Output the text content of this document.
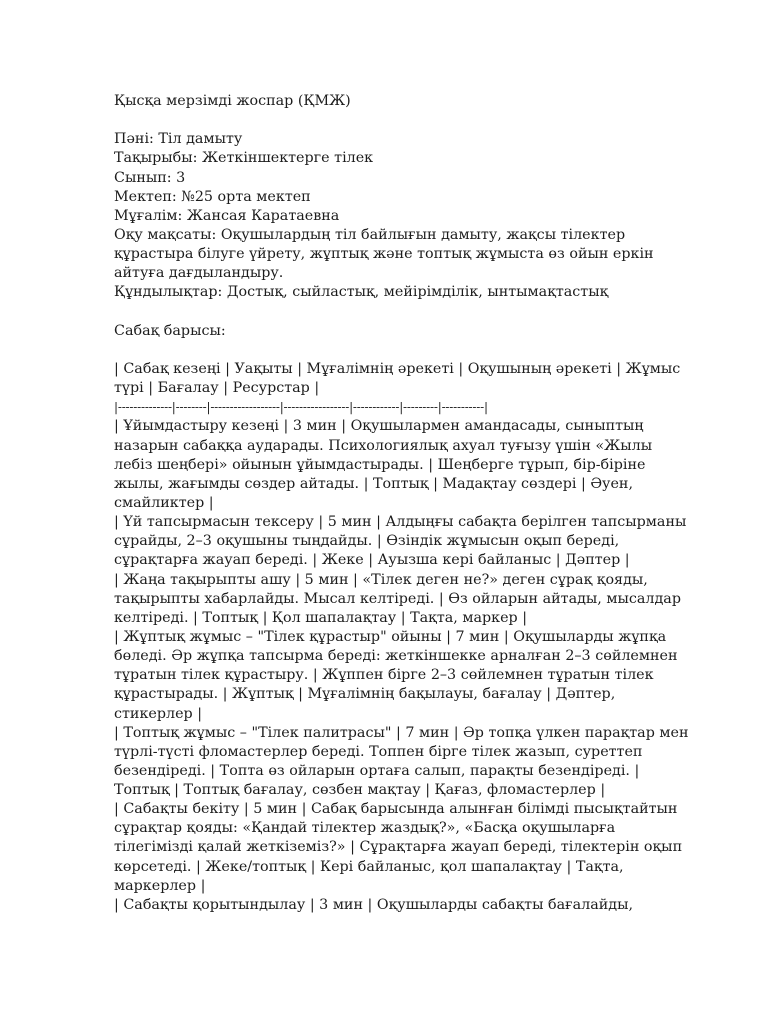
Қысқа мерзімді жоспар (ҚМЖ)
Пәні: Тіл дамыту
Тақырыбы: Жеткіншектерге тілек
Сынып: 3
Мектеп: №25 орта мектеп
Мұғалім: Жансая Каратаевна
Оқу мақсаты: Оқушылардың тіл байлығын дамыту, жақсы тілектер
құрастыра білуге үйрету, жұптық және топтық жұмыста өз ойын еркін
айтуға дағдыландыру.
Құндылықтар: Достық, сыйластық, мейірімділік, ынтымақтастық
Сабақ барысы:
| Сабақ кезеңі | Уақыты | Мұғалімнің әрекеті | Оқушының әрекеті | Жұмыс
түрі | Бағалау | Ресурстар |
|--------------|--------|------------------|-----------------|------------|---------|-----------|
| Ұйымдастыру кезеңі | 3 мин | Оқушылармен амандасады, сыныптың
назарын сабаққа аударады. Психологиялық ахуал туғызу үшін «Жылы
лебіз шеңбері» ойынын ұйымдастырады. | Шеңберге тұрып, бір-біріне
жылы, жағымды сөздер айтады. | Топтық | Мадақтау сөздері | Әуен,
смайликтер |
| Үй тапсырмасын тексеру | 5 мин | Алдыңғы сабақта берілген тапсырманы
сұрайды, 2–3 оқушыны тыңдайды. | Өзіндік жұмысын оқып береді,
сұрақтарға жауап береді. | Жеке | Ауызша кері байланыс | Дәптер |
| Жаңа тақырыпты ашу | 5 мин | «Тілек деген не?» деген сұрақ қояды,
тақырыпты хабарлайды. Мысал келтіреді. | Өз ойларын айтады, мысалдар
келтіреді. | Топтық | Қол шапалақтау | Тақта, маркер |
| Жұптық жұмыс – "Тілек құрастыр" ойыны | 7 мин | Оқушыларды жұпқа
бөледі. Әр жұпқа тапсырма береді: жеткіншекке арналған 2–3 сөйлемнен
тұратын тілек құрастыру. | Жұппен бірге 2–3 сөйлемнен тұратын тілек
құрастырады. | Жұптық | Мұғалімнің бақылауы, бағалау | Дәптер,
стикерлер |
| Топтық жұмыс – "Тілек палитрасы" | 7 мин | Әр топқа үлкен парақтар мен
түрлі-түсті фломастерлер береді. Топпен бірге тілек жазып, суреттеп
безендіреді. | Топта өз ойларын ортаға салып, парақты безендіреді. |
Топтық | Топтық бағалау, сөзбен мақтау | Қағаз, фломастерлер |
| Сабақты бекіту | 5 мин | Сабақ барысында алынған білімді пысықтайтын
сұрақтар қояды: «Қандай тілектер жаздық?», «Басқа оқушыларға
тілегімізді қалай жеткіземіз?» | Сұрақтарға жауап береді, тілектерін оқып
көрсетеді. | Жеке/топтық | Кері байланыс, қол шапалақтау | Тақта,
маркерлер |
| Сабақты қорытындылау | 3 мин | Оқушыларды сабақты бағалайды,
